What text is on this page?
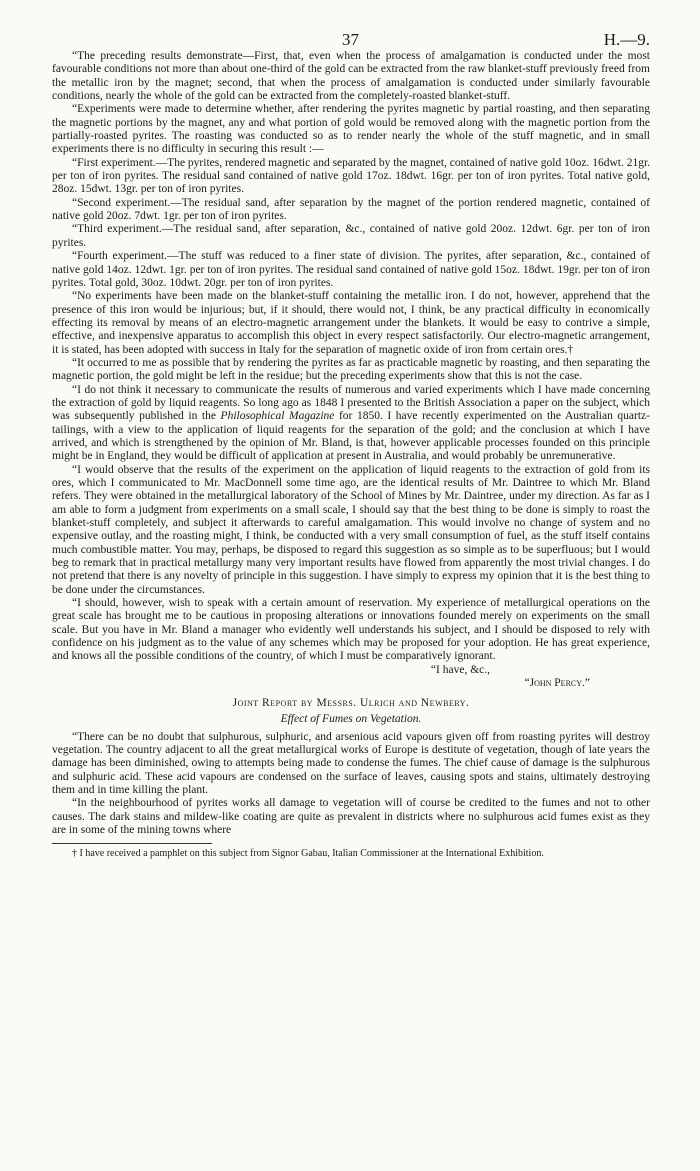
37	H.—9.

“The preceding results demonstrate—First, that, even when the process of amalgamation is conducted under the most favourable conditions not more than about one-third of the gold can be extracted from the raw blanket-stuff previously freed from the metallic iron by the magnet; second, that when the process of amalgamation is conducted under similarly favourable conditions, nearly the whole of the gold can be extracted from the completely-roasted blanket-stuff.

“Experiments were made to determine whether, after rendering the pyrites magnetic by partial roasting, and then separating the magnetic portions by the magnet, any and what portion of gold would be removed along with the magnetic portion from the partially-roasted pyrites. The roasting was conducted so as to render nearly the whole of the stuff magnetic, and in small experiments there is no difficulty in securing this result :—

“First experiment.—The pyrites, rendered magnetic and separated by the magnet, contained of native gold 10oz. 16dwt. 21gr. per ton of iron pyrites. The residual sand contained of native gold 17oz. 18dwt. 16gr. per ton of iron pyrites. Total native gold, 28oz. 15dwt. 13gr. per ton of iron pyrites.

“Second experiment.—The residual sand, after separation by the magnet of the portion rendered magnetic, contained of native gold 20oz. 7dwt. 1gr. per ton of iron pyrites.

“Third experiment.—The residual sand, after separation, &c., contained of native gold 20oz. 12dwt. 6gr. per ton of iron pyrites.

“Fourth experiment.—The stuff was reduced to a finer state of division. The pyrites, after separation, &c., contained of native gold 14oz. 12dwt. 1gr. per ton of iron pyrites. The residual sand contained of native gold 15oz. 18dwt. 19gr. per ton of iron pyrites. Total gold, 30oz. 10dwt. 20gr. per ton of iron pyrites.

“No experiments have been made on the blanket-stuff containing the metallic iron. I do not, however, apprehend that the presence of this iron would be injurious; but, if it should, there would not, I think, be any practical difficulty in economically effecting its removal by means of an electro-magnetic arrangement under the blankets. It would be easy to contrive a simple, effective, and inexpensive apparatus to accomplish this object in every respect satisfactorily. Our electro-magnetic arrangement, it is stated, has been adopted with success in Italy for the separation of magnetic oxide of iron from certain ores.†

“It occurred to me as possible that by rendering the pyrites as far as practicable magnetic by roasting, and then separating the magnetic portion, the gold might be left in the residue; but the preceding experiments show that this is not the case.

“I do not think it necessary to communicate the results of numerous and varied experiments which I have made concerning the extraction of gold by liquid reagents. So long ago as 1848 I presented to the British Association a paper on the subject, which was subsequently published in the Philosophical Magazine for 1850. I have recently experimented on the Australian quartz-tailings, with a view to the application of liquid reagents for the separation of the gold; and the conclusion at which I have arrived, and which is strengthened by the opinion of Mr. Bland, is that, however applicable processes founded on this principle might be in England, they would be difficult of application at present in Australia, and would probably be unremunerative.

“I would observe that the results of the experiment on the application of liquid reagents to the extraction of gold from its ores, which I communicated to Mr. MacDonnell some time ago, are the identical results of Mr. Daintree to which Mr. Bland refers. They were obtained in the metallurgical laboratory of the School of Mines by Mr. Daintree, under my direction. As far as I am able to form a judgment from experiments on a small scale, I should say that the best thing to be done is simply to roast the blanket-stuff completely, and subject it afterwards to careful amalgamation. This would involve no change of system and no expensive outlay, and the roasting might, I think, be conducted with a very small consumption of fuel, as the stuff itself contains much combustible matter. You may, perhaps, be disposed to regard this suggestion as so simple as to be superfluous; but I would beg to remark that in practical metallurgy many very important results have flowed from apparently the most trivial changes. I do not pretend that there is any novelty of principle in this suggestion. I have simply to express my opinion that it is the best thing to be done under the circumstances.

“I should, however, wish to speak with a certain amount of reservation. My experience of metallurgical operations on the great scale has brought me to be cautious in proposing alterations or innovations founded merely on experiments on the small scale. But you have in Mr. Bland a manager who evidently well understands his subject, and I should be disposed to rely with confidence on his judgment as to the value of any schemes which may be proposed for your adoption. He has great experience, and knows all the possible conditions of the country, of which I must be comparatively ignorant.

“I have, &c.,
“John Percy.”
Joint Report by Messrs. Ulrich and Newbery.
Effect of Fumes on Vegetation.

“There can be no doubt that sulphurous, sulphuric, and arsenious acid vapours given off from roasting pyrites will destroy vegetation. The country adjacent to all the great metallurgical works of Europe is destitute of vegetation, though of late years the damage has been diminished, owing to attempts being made to condense the fumes. The chief cause of damage is the sulphurous and sulphuric acid. These acid vapours are condensed on the surface of leaves, causing spots and stains, ultimately destroying them and in time killing the plant.

“In the neighbourhood of pyrites works all damage to vegetation will of course be credited to the fumes and not to other causes. The dark stains and mildew-like coating are quite as prevalent in districts where no sulphurous acid fumes exist as they are in some of the mining towns where

† I have received a pamphlet on this subject from Signor Gabau, Italian Commissioner at the International Exhibition.
